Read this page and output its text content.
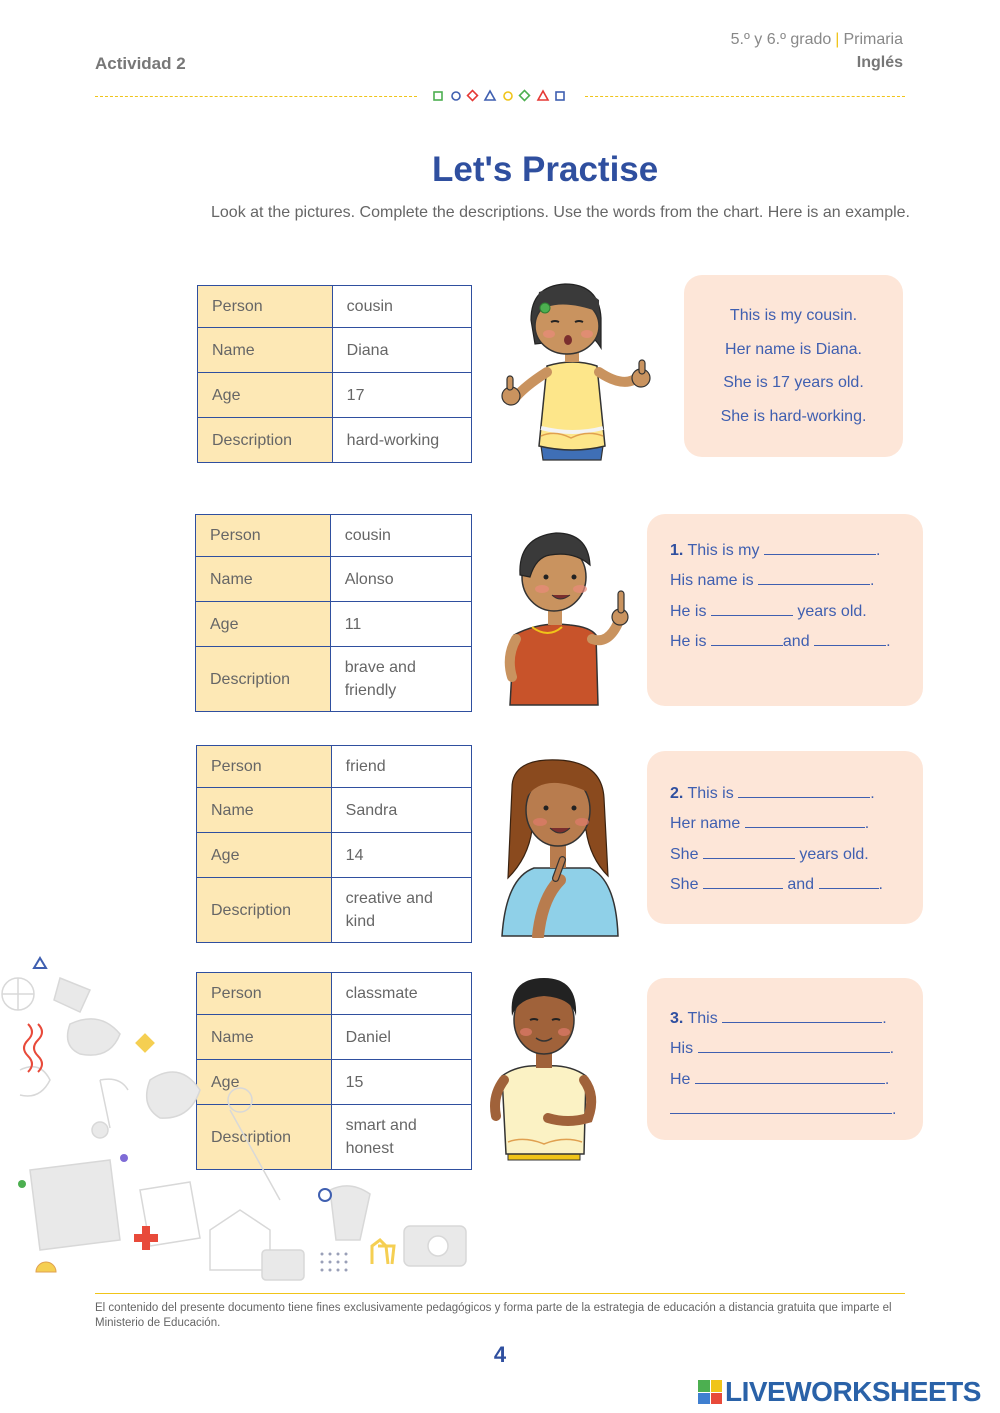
Actividad 2
5.º y 6.º grado | Primaria
Inglés
Let's Practise
Look at the pictures. Complete the descriptions. Use the words from the chart. Here is an example.
Person	cousin
Name	Diana
Age	17
Description	hard-working

This is my cousin.

Her name is Diana.

She is 17 years old.

She is hard-working.

Person	cousin
Name	Alonso
Age	11
Description	brave and friendly
1. This is my	.
His name is	.
He is	years old.
He is	and	.
Person	friend
Name	Sandra
Age	14
Description	creative and kind
2. This is	.
Her name	.
She	years old.
She	and	.
Person	classmate
Name	Daniel
Age	15
Description	smart and honest
3. This	.
His	.
He	.
.
El contenido del presente documento tiene fines exclusivamente pedagógicos y forma parte de la estrategia de educación a distancia gratuita que imparte el Ministerio de Educación.
4
LIVEWORKSHEETS
